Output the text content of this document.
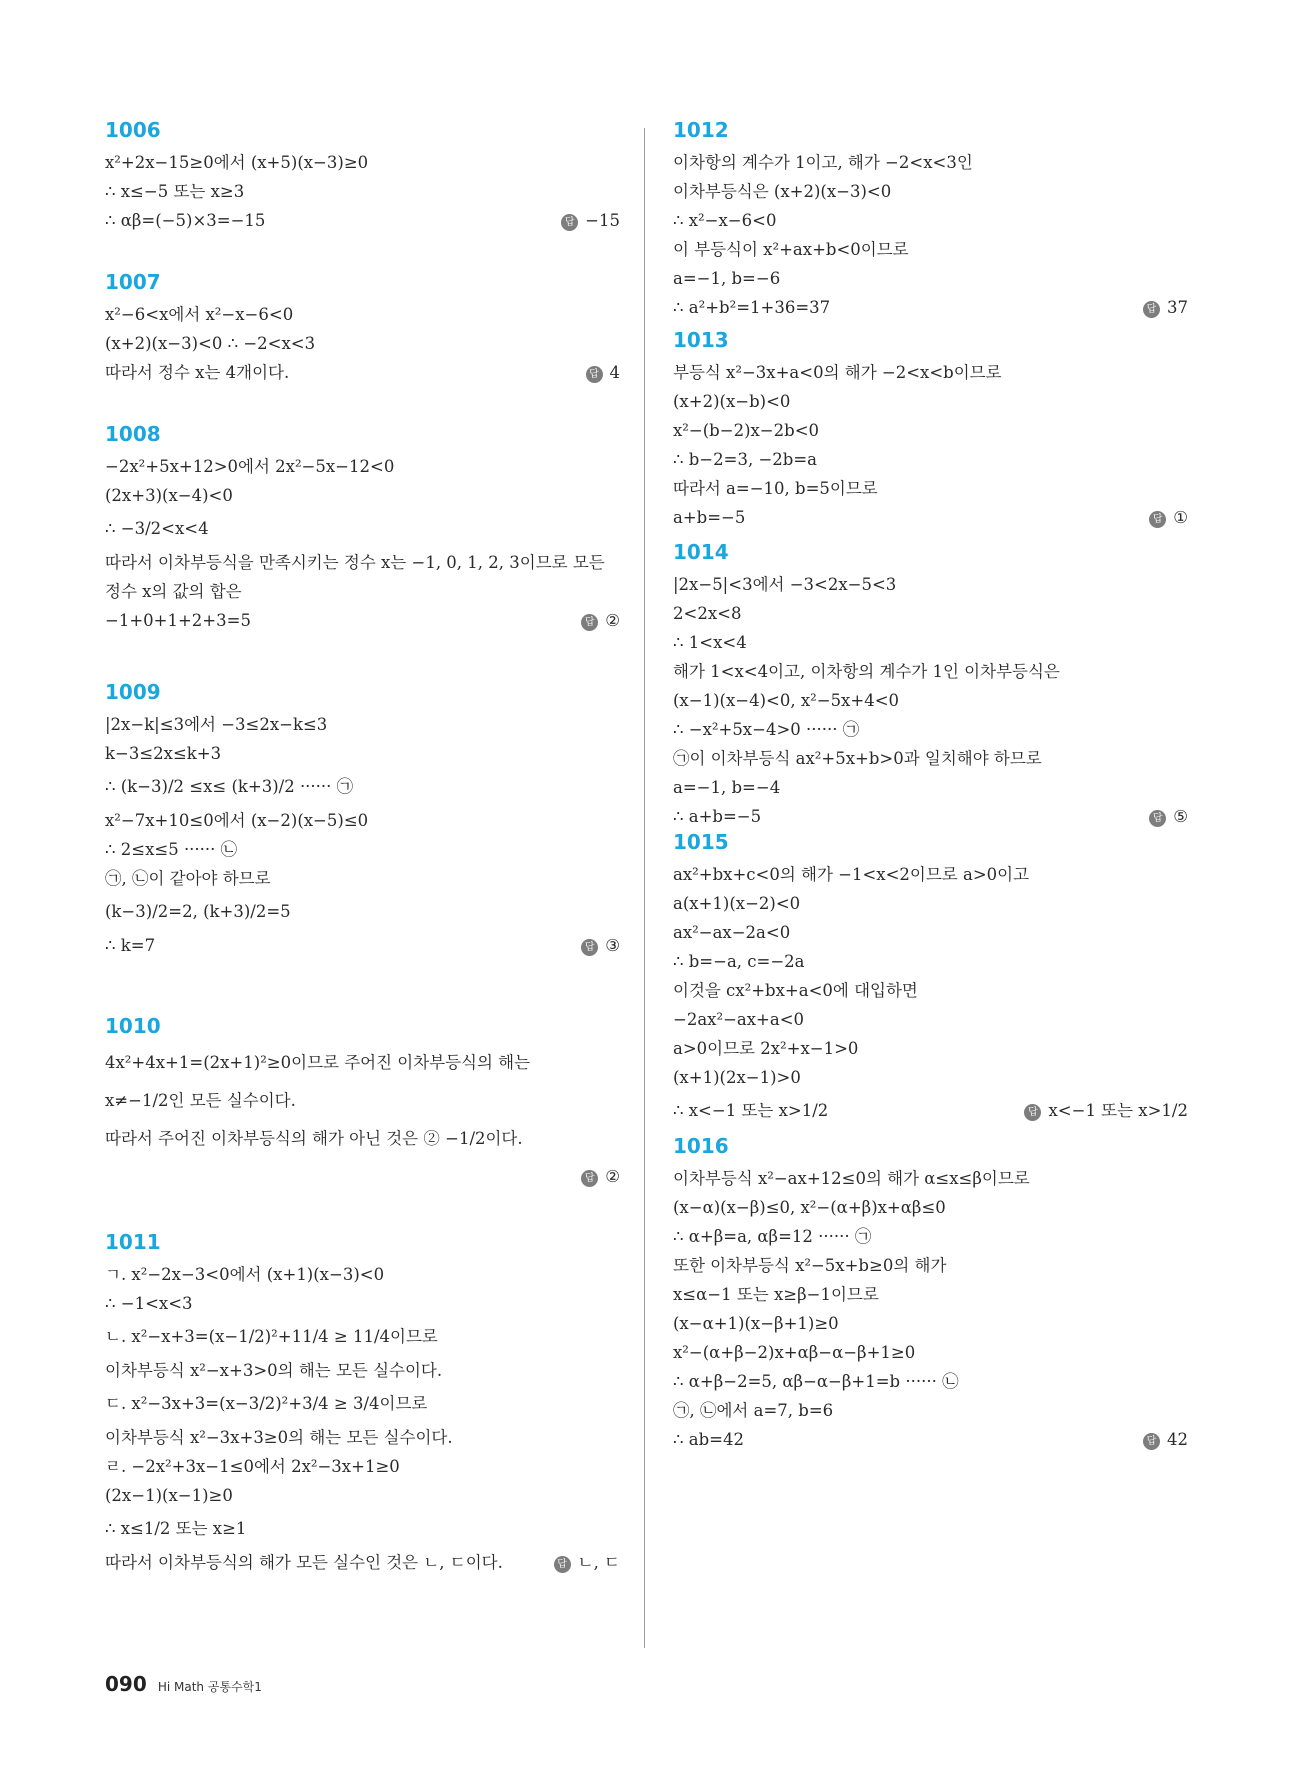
1006
x²+2x−15≥0에서 (x+5)(x−3)≥0
∴ x≤−5 또는 x≥3
∴ αβ=(−5)×3=−15	답 −15
1007
x²−6<x에서 x²−x−6<0
(x+2)(x−3)<0 ∴ −2<x<3
따라서 정수 x는 4개이다.	답 4
1008
−2x²+5x+12>0에서 2x²−5x−12<0
(2x+3)(x−4)<0
∴ −3/2<x<4
따라서 이차부등식을 만족시키는 정수 x는 −1, 0, 1, 2, 3이므로 모든
정수 x의 값의 합은
−1+0+1+2+3=5	답 ②
1009
|2x−k|≤3에서 −3≤2x−k≤3
k−3≤2x≤k+3
∴ (k−3)/2 ≤x≤ (k+3)/2 ······ ㉠
x²−7x+10≤0에서 (x−2)(x−5)≤0
∴ 2≤x≤5 ······ ㉡
㉠, ㉡이 같아야 하므로
(k−3)/2=2, (k+3)/2=5
∴ k=7	답 ③
1010
4x²+4x+1=(2x+1)²≥0이므로 주어진 이차부등식의 해는
x≠−1/2인 모든 실수이다.
따라서 주어진 이차부등식의 해가 아닌 것은 ② −1/2이다.
답 ②
1011
ㄱ. x²−2x−3<0에서 (x+1)(x−3)<0
∴ −1<x<3
ㄴ. x²−x+3=(x−1/2)²+11/4 ≥ 11/4이므로
이차부등식 x²−x+3>0의 해는 모든 실수이다.
ㄷ. x²−3x+3=(x−3/2)²+3/4 ≥ 3/4이므로
이차부등식 x²−3x+3≥0의 해는 모든 실수이다.
ㄹ. −2x²+3x−1≤0에서 2x²−3x+1≥0
(2x−1)(x−1)≥0
∴ x≤1/2 또는 x≥1
따라서 이차부등식의 해가 모든 실수인 것은 ㄴ, ㄷ이다.	답 ㄴ, ㄷ
1012
이차항의 계수가 1이고, 해가 −2<x<3인
이차부등식은 (x+2)(x−3)<0
∴ x²−x−6<0
이 부등식이 x²+ax+b<0이므로
a=−1, b=−6
∴ a²+b²=1+36=37	답 37
1013
부등식 x²−3x+a<0의 해가 −2<x<b이므로
(x+2)(x−b)<0
x²−(b−2)x−2b<0
∴ b−2=3, −2b=a
따라서 a=−10, b=5이므로
a+b=−5	답 ①
1014
|2x−5|<3에서 −3<2x−5<3
2<2x<8
∴ 1<x<4
해가 1<x<4이고, 이차항의 계수가 1인 이차부등식은
(x−1)(x−4)<0, x²−5x+4<0
∴ −x²+5x−4>0 ······ ㉠
㉠이 이차부등식 ax²+5x+b>0과 일치해야 하므로
a=−1, b=−4
∴ a+b=−5	답 ⑤
1015
ax²+bx+c<0의 해가 −1<x<2이므로 a>0이고
a(x+1)(x−2)<0
ax²−ax−2a<0
∴ b=−a, c=−2a
이것을 cx²+bx+a<0에 대입하면
−2ax²−ax+a<0
a>0이므로 2x²+x−1>0
(x+1)(2x−1)>0
∴ x<−1 또는 x>1/2	답 x<−1 또는 x>1/2
1016
이차부등식 x²−ax+12≤0의 해가 α≤x≤β이므로
(x−α)(x−β)≤0, x²−(α+β)x+αβ≤0
∴ α+β=a, αβ=12 ······ ㉠
또한 이차부등식 x²−5x+b≥0의 해가
x≤α−1 또는 x≥β−1이므로
(x−α+1)(x−β+1)≥0
x²−(α+β−2)x+αβ−α−β+1≥0
∴ α+β−2=5, αβ−α−β+1=b ······ ㉡
㉠, ㉡에서 a=7, b=6
∴ ab=42	답 42
090 Hi Math 공통수학1
